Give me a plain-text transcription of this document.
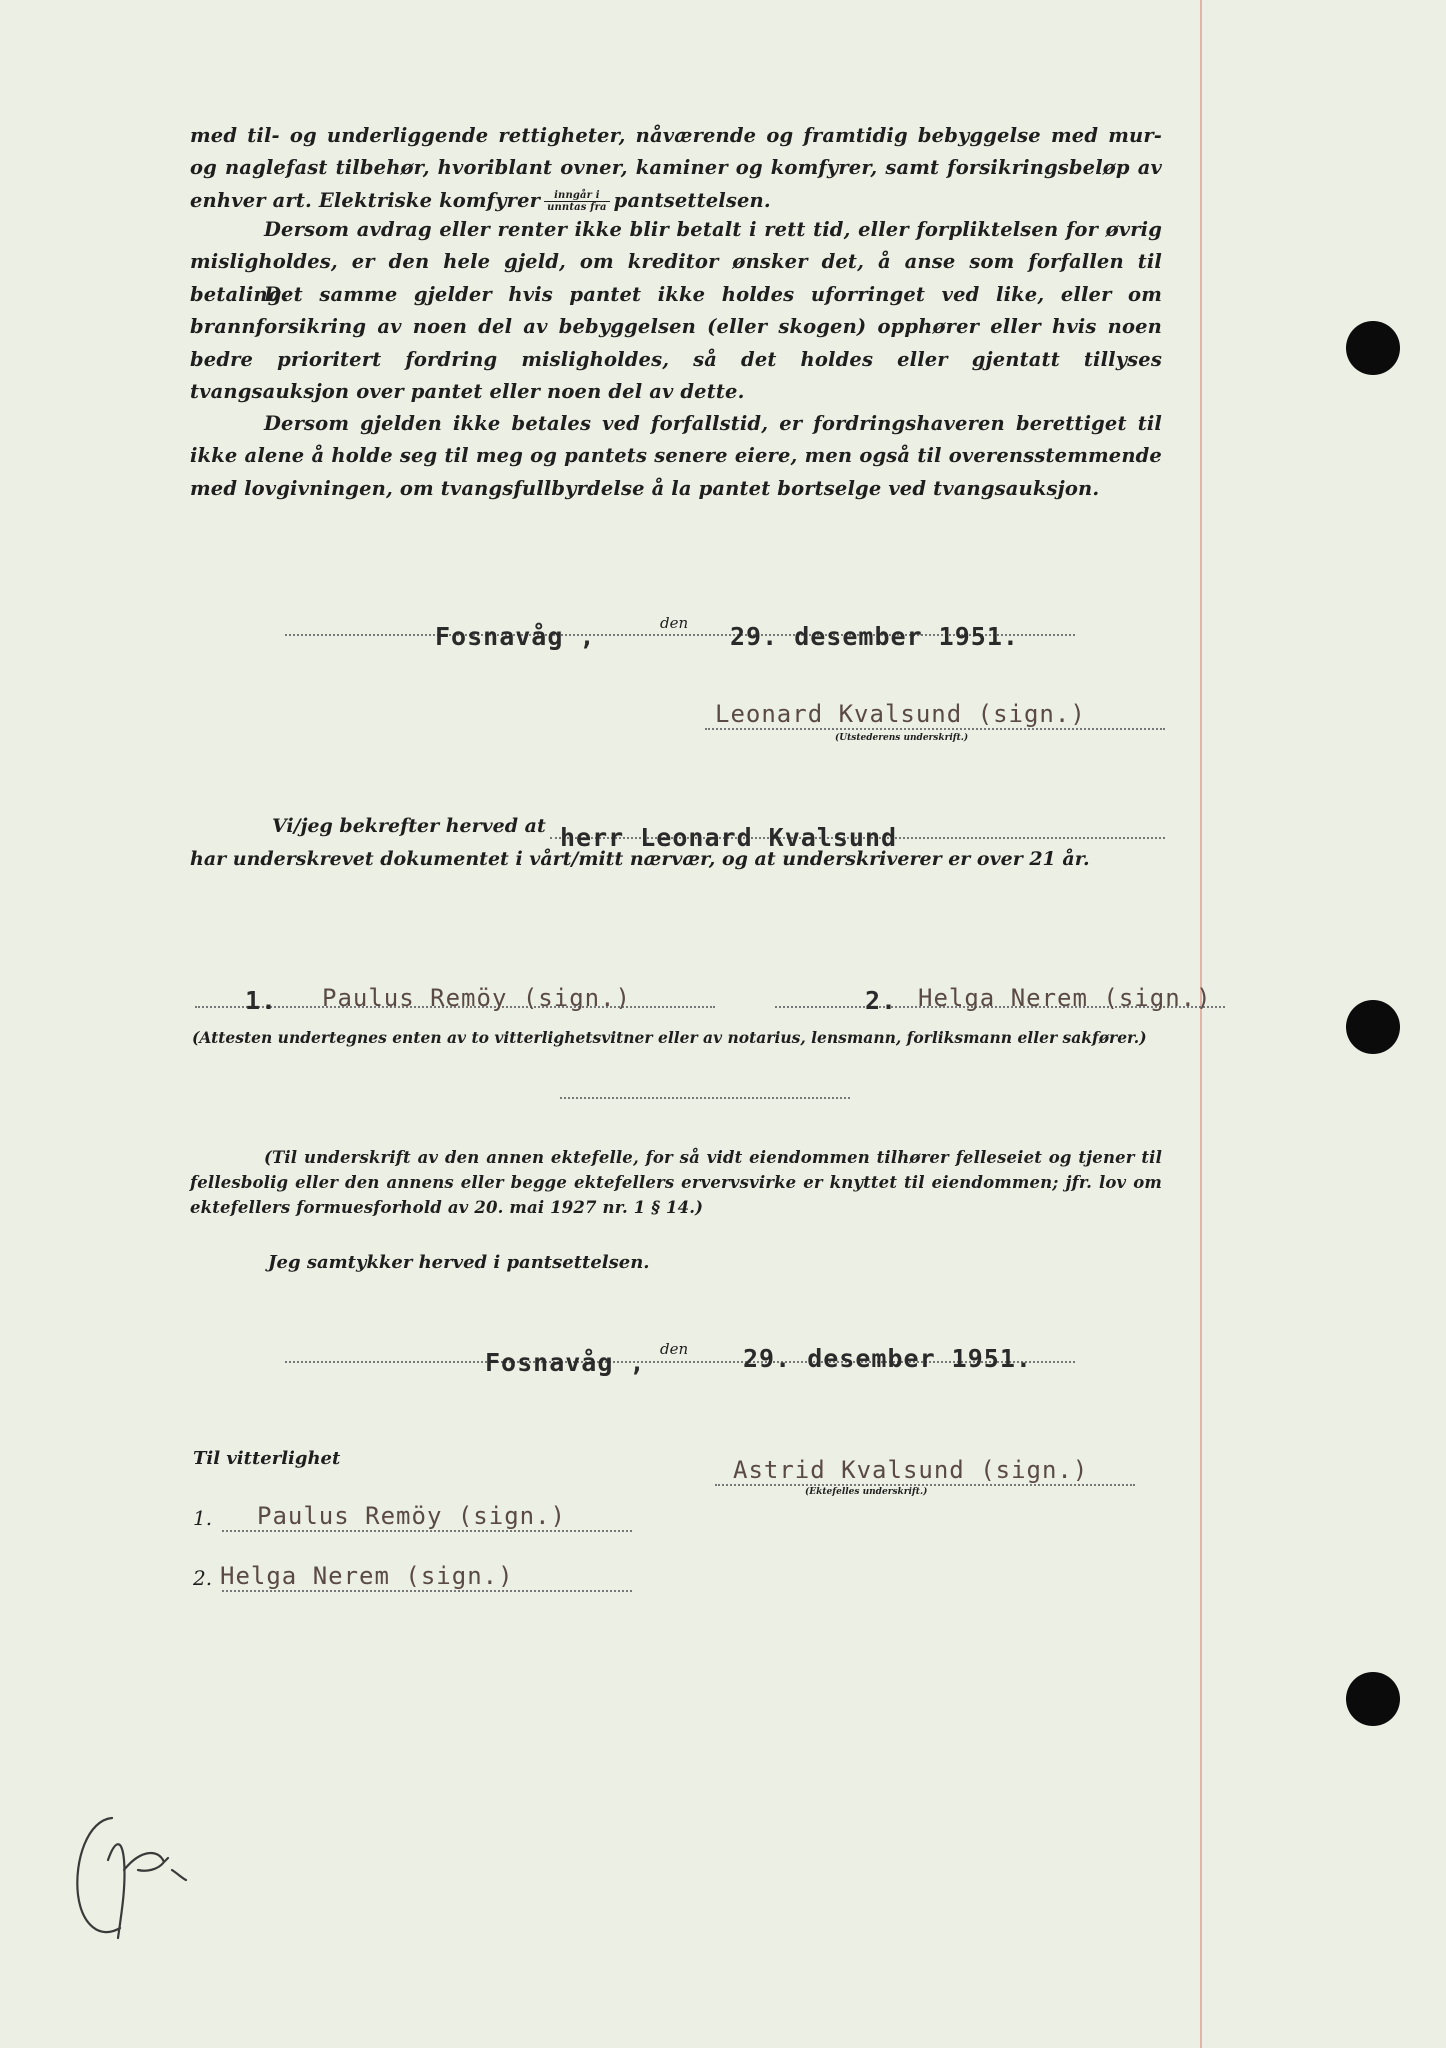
med til- og underliggende rettigheter, nåværende og framtidig bebyggelse med mur- og naglefast tilbehør, hvoriblant ovner, kaminer og komfyrer, samt forsikringsbeløp av enhver art. Elektriske komfyrer $\frac{\text{inngår i}}{\text{unntas fra}}$ pantsettelsen.
Dersom avdrag eller renter ikke blir betalt i rett tid, eller forpliktelsen for øvrig misligholdes, er den hele gjeld, om kreditor ønsker det, å anse som forfallen til betaling.
Det samme gjelder hvis pantet ikke holdes uforringet ved like, eller om brannforsikring av noen del av bebyggelsen (eller skogen) opphører eller hvis noen bedre prioritert fordring misligholdes, så det holdes eller gjentatt tillyses tvangsauksjon over pantet eller noen del av dette.
Dersom gjelden ikke betales ved forfallstid, er fordringshaveren berettiget til ikke alene å holde seg til meg og pantets senere eiere, men også til overensstemmende med lovgivningen, om tvangsfullbyrdelse å la pantet bortselge ved tvangsauksjon.
Fosnavåg ,	den 29. desember 1951.
Leonard Kvalsund (sign.)
(Utstederens underskrift.)
Vi/jeg bekrefter herved at herr Leonard Kvalsund
har underskrevet dokumentet i vårt/mitt nærvær, og at underskriverer er over 21 år.
1. Paulus Remöy (sign.)	2. Helga Nerem (sign.)
(Attesten undertegnes enten av to vitterlighetsvitner eller av notarius, lensmann, forliksmann eller sakfører.)
(Til underskrift av den annen ektefelle, for så vidt eiendommen tilhører felleseiet og tjener til fellesbolig eller den annens eller begge ektefellers ervervsvirke er knyttet til eiendommen; jfr. lov om ektefellers formuesforhold av 20. mai 1927 nr. 1 § 14.)
Jeg samtykker herved i pantsettelsen.
Fosnavåg , den 29. desember 1951.
Til vitterlighet	Astrid Kvalsund (sign.)
(Ektefelles underskrift.)
1. Paulus Remöy (sign.)
2. Helga Nerem (sign.)
